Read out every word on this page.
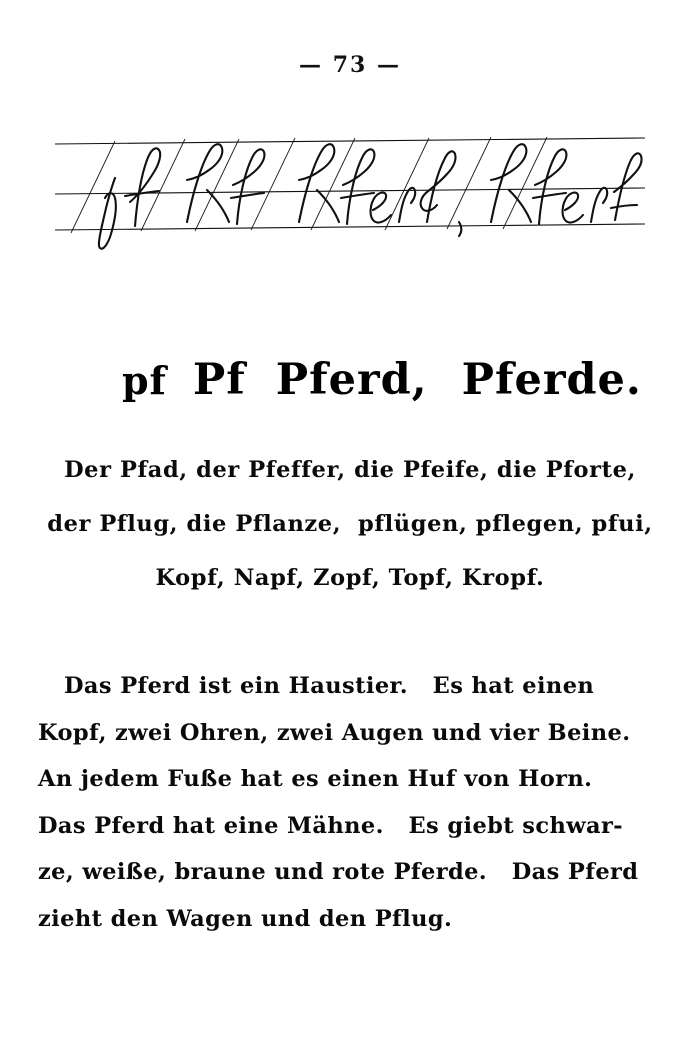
— 73 —

pf Pf Pferd, Pferde.

Der Pfad, der Pfeffer, die Pfeife, die Pforte,
der Pflug, die Pflanze,  pflügen, pflegen, pfui,
Kopf, Napf, Zopf, Topf, Kropf.
Das Pferd ist ein Haustier.   Es hat einen
Kopf, zwei Ohren, zwei Augen und vier Beine.
An jedem Fuße hat es einen Huf von Horn.
Das Pferd hat eine Mähne.   Es giebt schwar-
ze, weiße, braune und rote Pferde.   Das Pferd
zieht den Wagen und den Pflug.
